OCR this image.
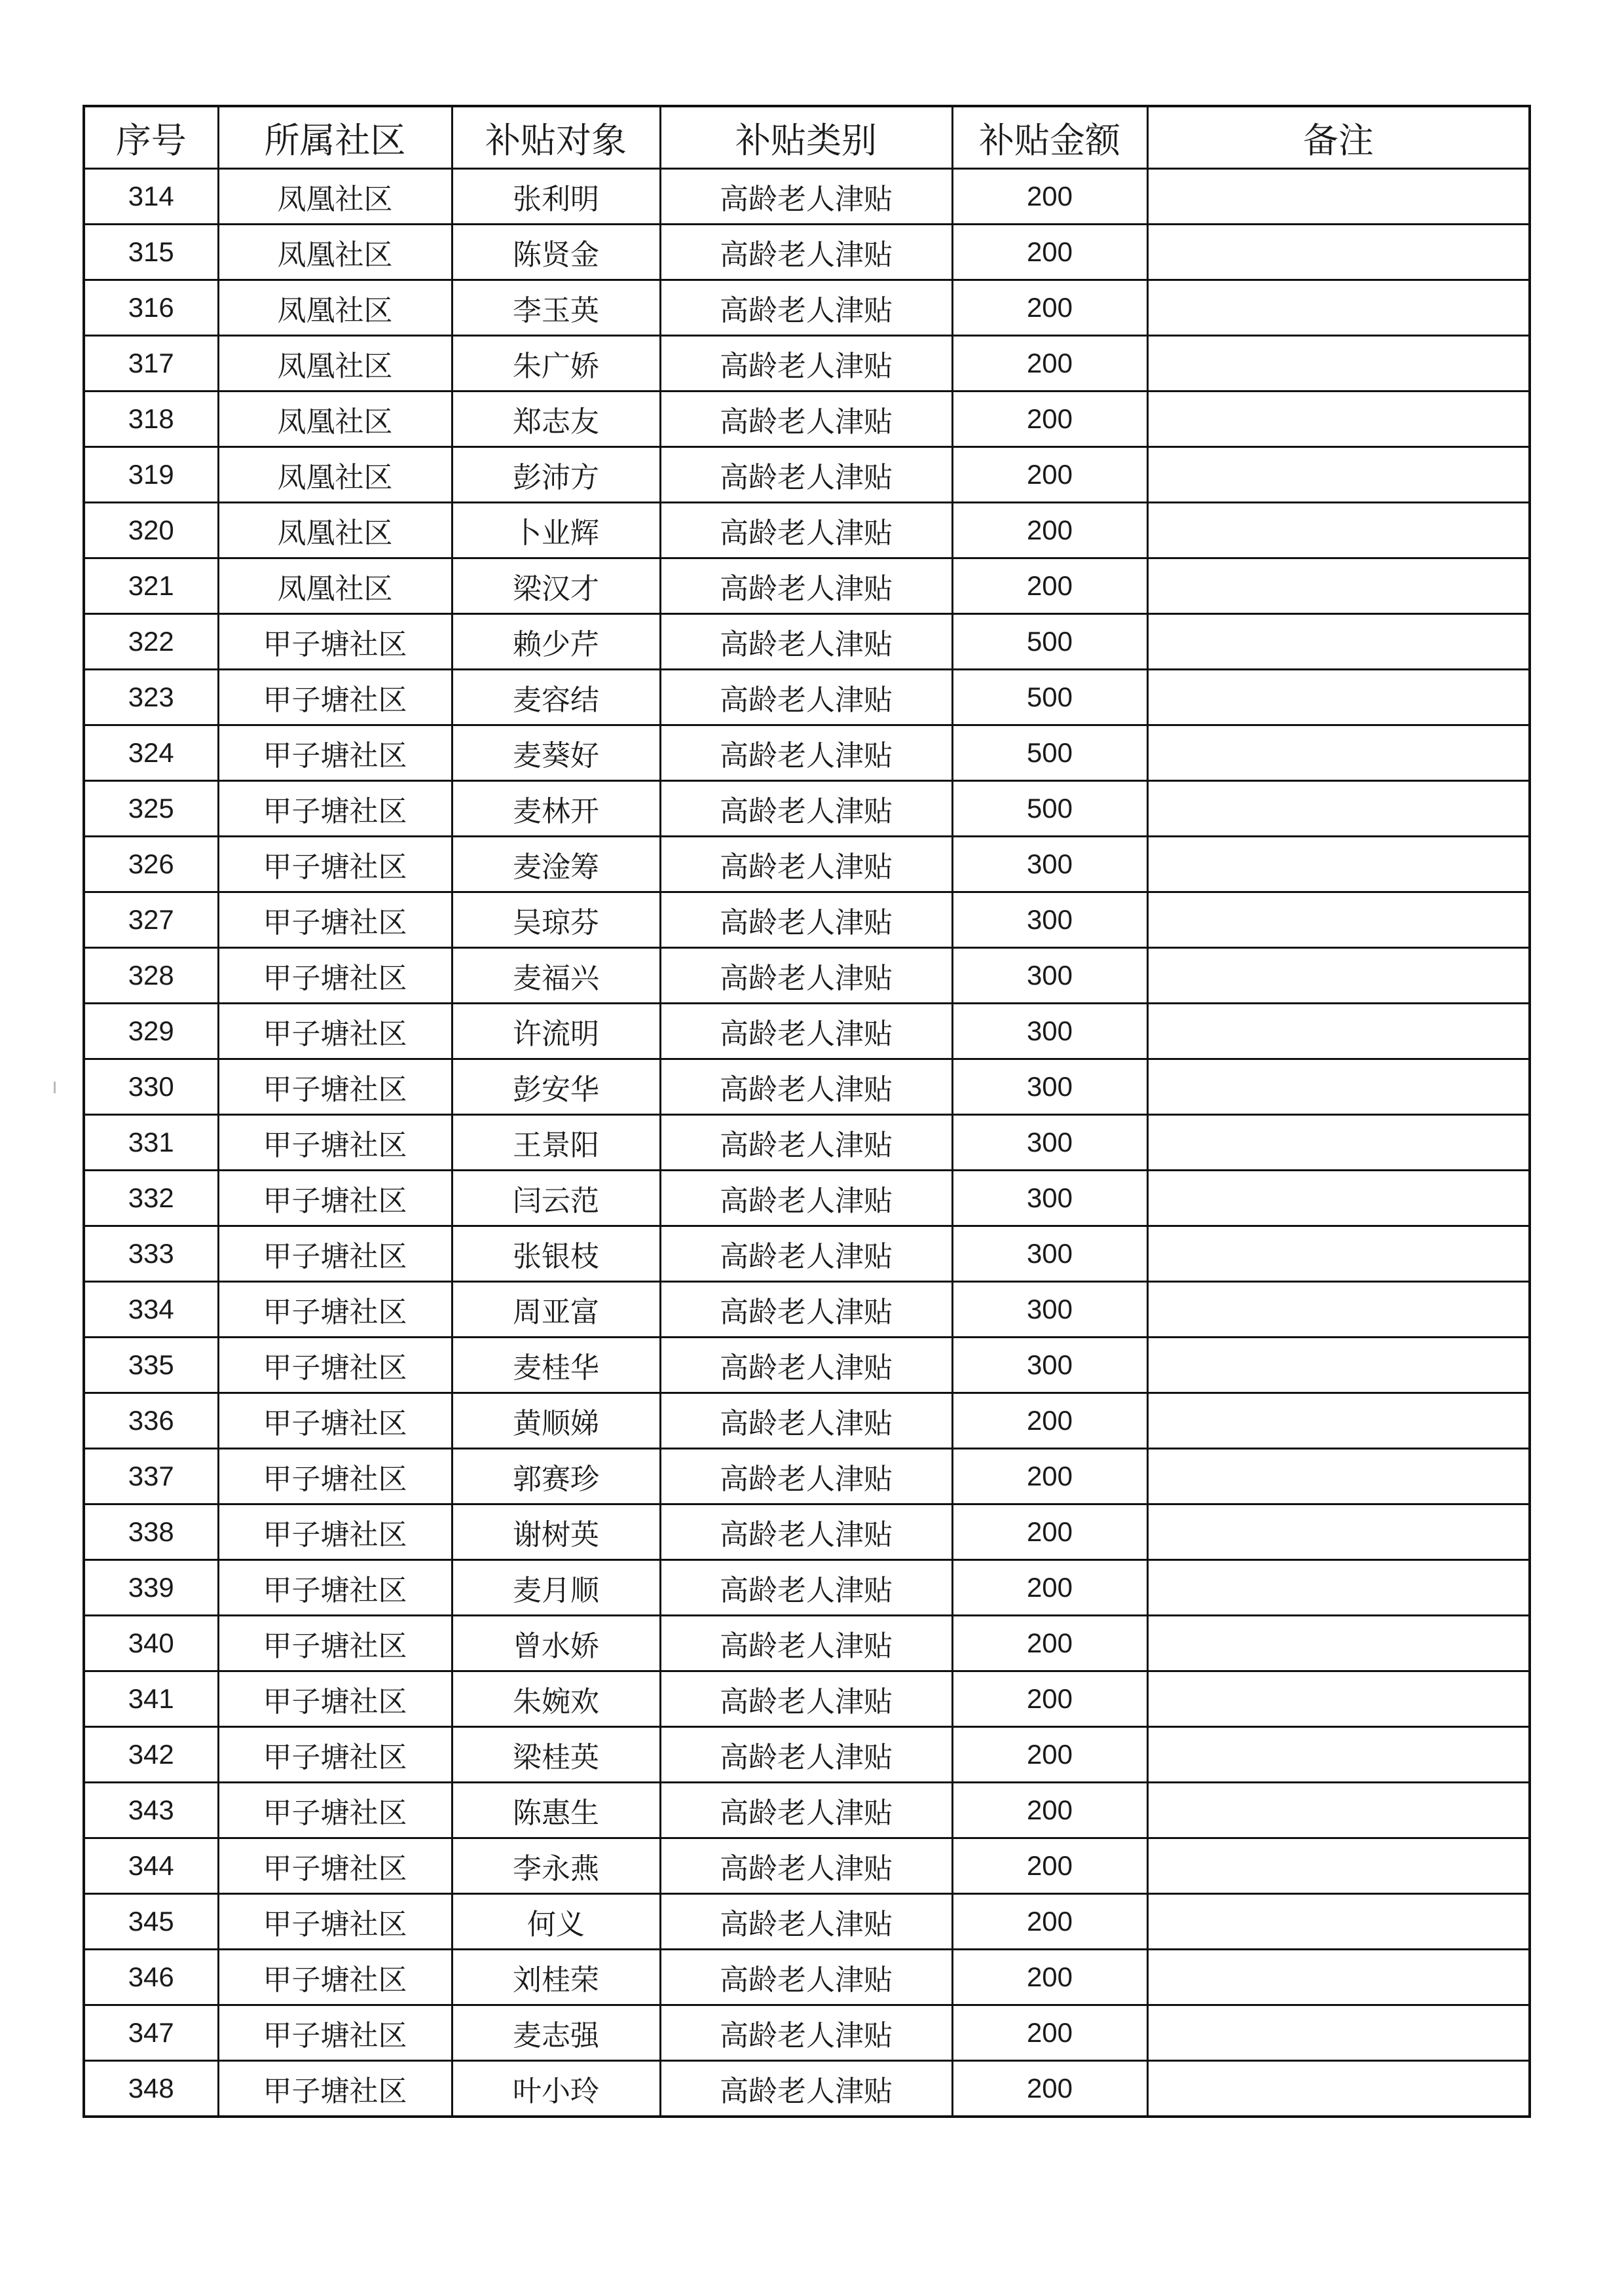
序号	所属社区	补贴对象	补贴类别	补贴金额	备注
314	凤凰社区	张利明	高龄老人津贴	200	
315	凤凰社区	陈贤金	高龄老人津贴	200	
316	凤凰社区	李玉英	高龄老人津贴	200	
317	凤凰社区	朱广娇	高龄老人津贴	200	
318	凤凰社区	郑志友	高龄老人津贴	200	
319	凤凰社区	彭沛方	高龄老人津贴	200	
320	凤凰社区	卜业辉	高龄老人津贴	200	
321	凤凰社区	梁汉才	高龄老人津贴	200	
322	甲子塘社区	赖少芹	高龄老人津贴	500	
323	甲子塘社区	麦容结	高龄老人津贴	500	
324	甲子塘社区	麦葵好	高龄老人津贴	500	
325	甲子塘社区	麦林开	高龄老人津贴	500	
326	甲子塘社区	麦淦筹	高龄老人津贴	300	
327	甲子塘社区	吴琼芬	高龄老人津贴	300	
328	甲子塘社区	麦福兴	高龄老人津贴	300	
329	甲子塘社区	许流明	高龄老人津贴	300	
330	甲子塘社区	彭安华	高龄老人津贴	300	
331	甲子塘社区	王景阳	高龄老人津贴	300	
332	甲子塘社区	闫云范	高龄老人津贴	300	
333	甲子塘社区	张银枝	高龄老人津贴	300	
334	甲子塘社区	周亚富	高龄老人津贴	300	
335	甲子塘社区	麦桂华	高龄老人津贴	300	
336	甲子塘社区	黄顺娣	高龄老人津贴	200	
337	甲子塘社区	郭赛珍	高龄老人津贴	200	
338	甲子塘社区	谢树英	高龄老人津贴	200	
339	甲子塘社区	麦月顺	高龄老人津贴	200	
340	甲子塘社区	曾水娇	高龄老人津贴	200	
341	甲子塘社区	朱婉欢	高龄老人津贴	200	
342	甲子塘社区	梁桂英	高龄老人津贴	200	
343	甲子塘社区	陈惠生	高龄老人津贴	200	
344	甲子塘社区	李永燕	高龄老人津贴	200	
345	甲子塘社区	何义	高龄老人津贴	200	
346	甲子塘社区	刘桂荣	高龄老人津贴	200	
347	甲子塘社区	麦志强	高龄老人津贴	200	
348	甲子塘社区	叶小玲	高龄老人津贴	200	
